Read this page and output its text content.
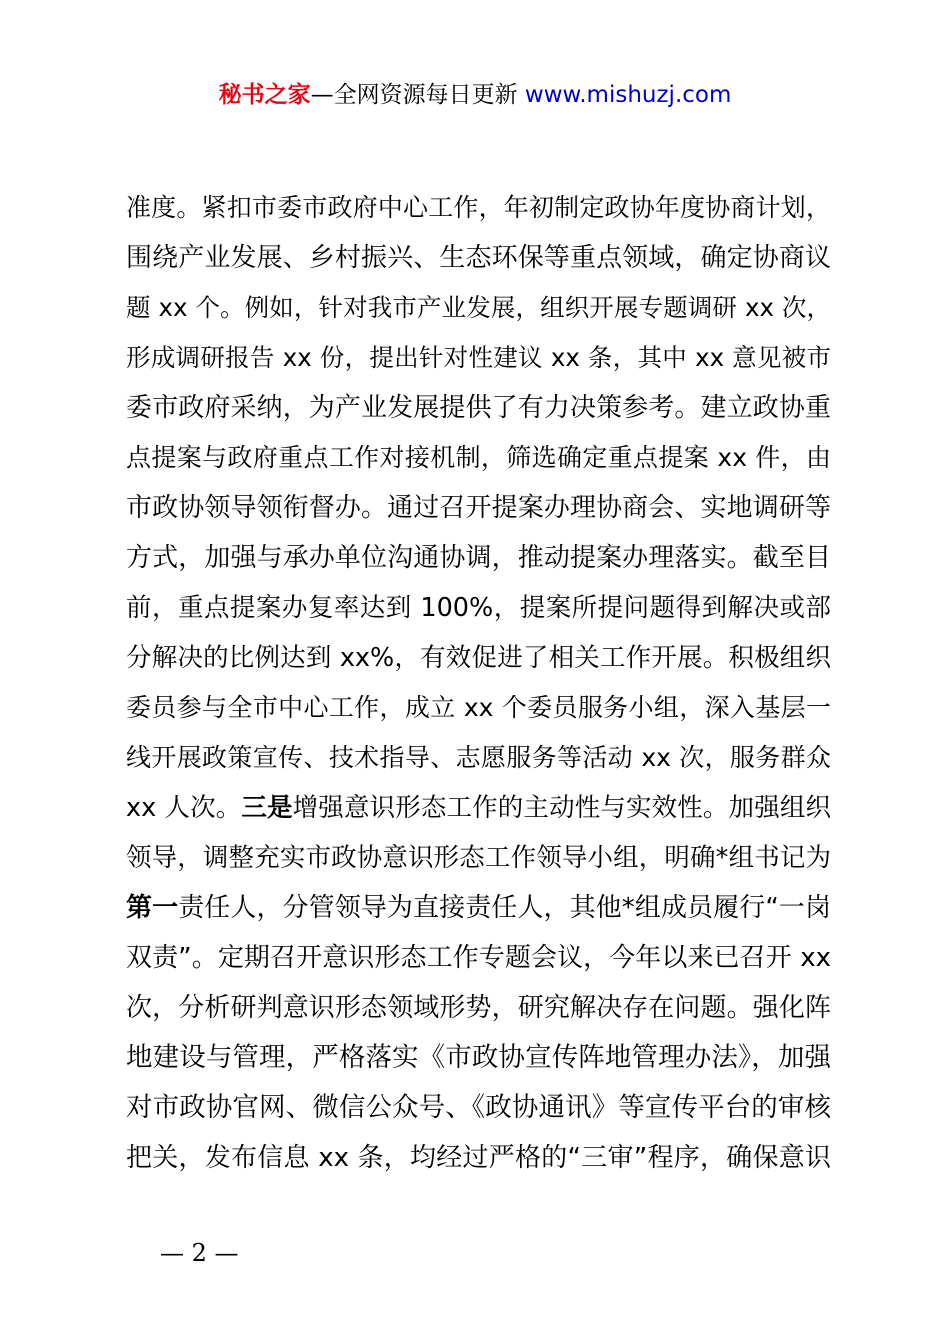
秘书之家—全网资源每日更新 www.mishuzj.com
准度。紧扣市委市政府中心工作，年初制定政协年度协商计划，
围绕产业发展、乡村振兴、生态环保等重点领域，确定协商议
题 xx 个。例如，针对我市产业发展，组织开展专题调研 xx 次，
形成调研报告 xx 份，提出针对性建议 xx 条，其中 xx 意见被市
委市政府采纳，为产业发展提供了有力决策参考。建立政协重
点提案与政府重点工作对接机制，筛选确定重点提案 xx 件，由
市政协领导领衔督办。通过召开提案办理协商会、实地调研等
方式，加强与承办单位沟通协调，推动提案办理落实。截至目
前，重点提案办复率达到 100%，提案所提问题得到解决或部
分解决的比例达到 xx%，有效促进了相关工作开展。积极组织
委员参与全市中心工作，成立 xx 个委员服务小组，深入基层一
线开展政策宣传、技术指导、志愿服务等活动 xx 次，服务群众
xx 人次。三是增强意识形态工作的主动性与实效性。加强组织
领导，调整充实市政协意识形态工作领导小组，明确*组书记为
第一责任人，分管领导为直接责任人，其他*组成员履行“一岗
双责”。定期召开意识形态工作专题会议，今年以来已召开 xx
次，分析研判意识形态领域形势，研究解决存在问题。强化阵
地建设与管理，严格落实《市政协宣传阵地管理办法》，加强
对市政协官网、微信公众号、《政协通讯》等宣传平台的审核
把关，发布信息 xx 条，均经过严格的“三审”程序，确保意识
— 2 —
